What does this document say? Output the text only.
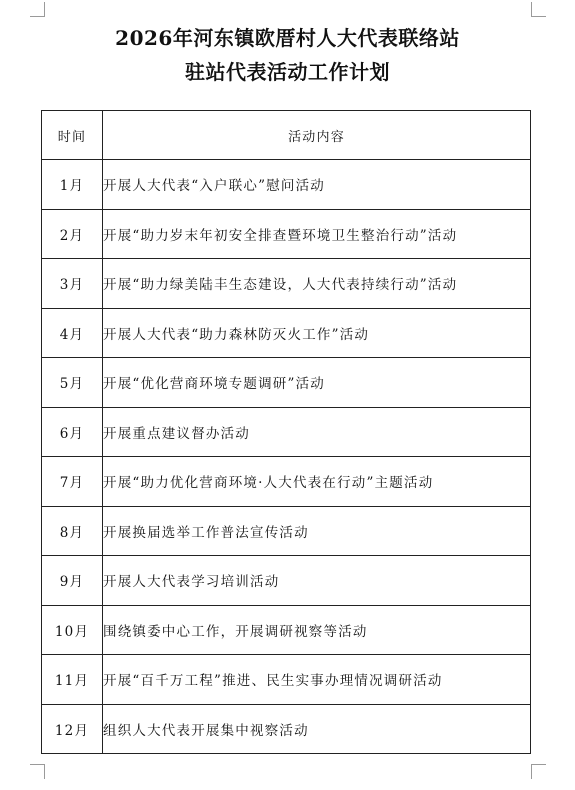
2026年河东镇欧厝村人大代表联络站
驻站代表活动工作计划
时间	活动内容
1月	开展人大代表“入户联心”慰问活动
2月	开展“助力岁末年初安全排查暨环境卫生整治行动”活动
3月	开展“助力绿美陆丰生态建设，人大代表持续行动”活动
4月	开展人大代表“助力森林防灭火工作”活动
5月	开展“优化营商环境专题调研”活动
6月	开展重点建议督办活动
7月	开展“助力优化营商环境·人大代表在行动”主题活动
8月	开展换届选举工作普法宣传活动
9月	开展人大代表学习培训活动
10月	围绕镇委中心工作，开展调研视察等活动
11月	开展“百千万工程”推进、民生实事办理情况调研活动
12月	组织人大代表开展集中视察活动
